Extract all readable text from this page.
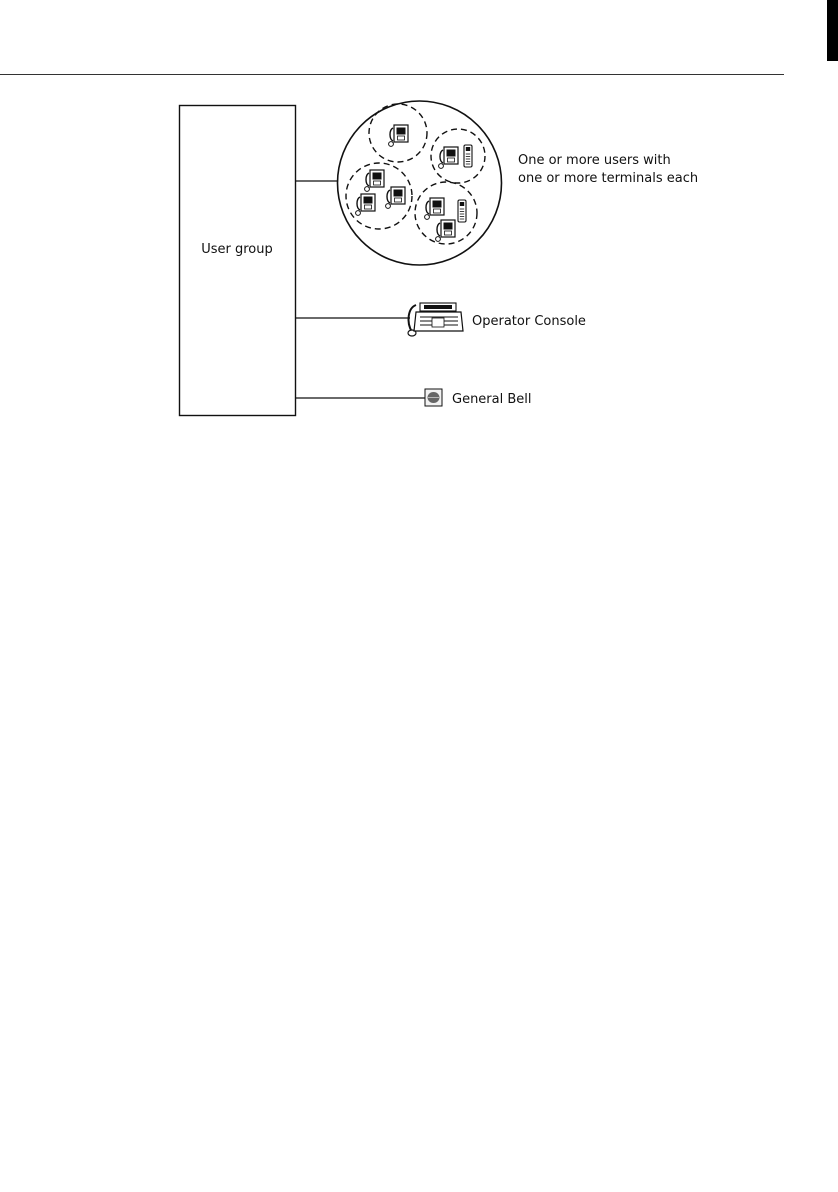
User group
One or more users with
one or more terminals each
Operator Console
General Bell
